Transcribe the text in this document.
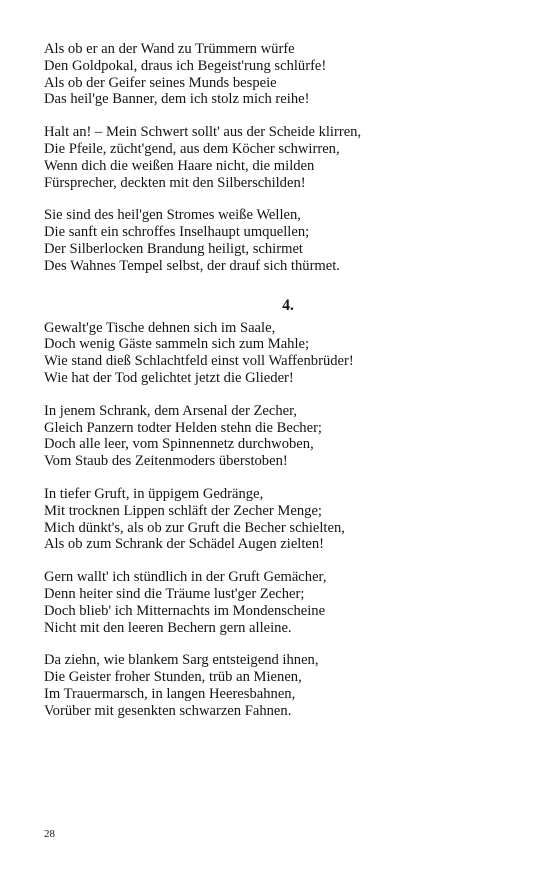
Als ob er an der Wand zu Trümmern würfe
Den Goldpokal, draus ich Begeist'rung schlürfe!
Als ob der Geifer seines Munds bespeie
Das heil'ge Banner, dem ich stolz mich reihe!
Halt an! – Mein Schwert sollt' aus der Scheide klirren,
Die Pfeile, zücht'gend, aus dem Köcher schwirren,
Wenn dich die weißen Haare nicht, die milden
Fürsprecher, deckten mit den Silberschilden!
Sie sind des heil'gen Stromes weiße Wellen,
Die sanft ein schroffes Inselhaupt umquellen;
Der Silberlocken Brandung heiligt, schirmet
Des Wahnes Tempel selbst, der drauf sich thürmet.
4.
Gewalt'ge Tische dehnen sich im Saale,
Doch wenig Gäste sammeln sich zum Mahle;
Wie stand dieß Schlachtfeld einst voll Waffenbrüder!
Wie hat der Tod gelichtet jetzt die Glieder!
In jenem Schrank, dem Arsenal der Zecher,
Gleich Panzern todter Helden stehn die Becher;
Doch alle leer, vom Spinnennetz durchwoben,
Vom Staub des Zeitenmoders überstoben!
In tiefer Gruft, in üppigem Gedränge,
Mit trocknen Lippen schläft der Zecher Menge;
Mich dünkt's, als ob zur Gruft die Becher schielten,
Als ob zum Schrank der Schädel Augen zielten!
Gern wallt' ich stündlich in der Gruft Gemächer,
Denn heiter sind die Träume lust'ger Zecher;
Doch blieb' ich Mitternachts im Mondenscheine
Nicht mit den leeren Bechern gern alleine.
Da ziehn, wie blankem Sarg entsteigend ihnen,
Die Geister froher Stunden, trüb an Mienen,
Im Trauermarsch, in langen Heeresbahnen,
Vorüber mit gesenkten schwarzen Fahnen.
28
